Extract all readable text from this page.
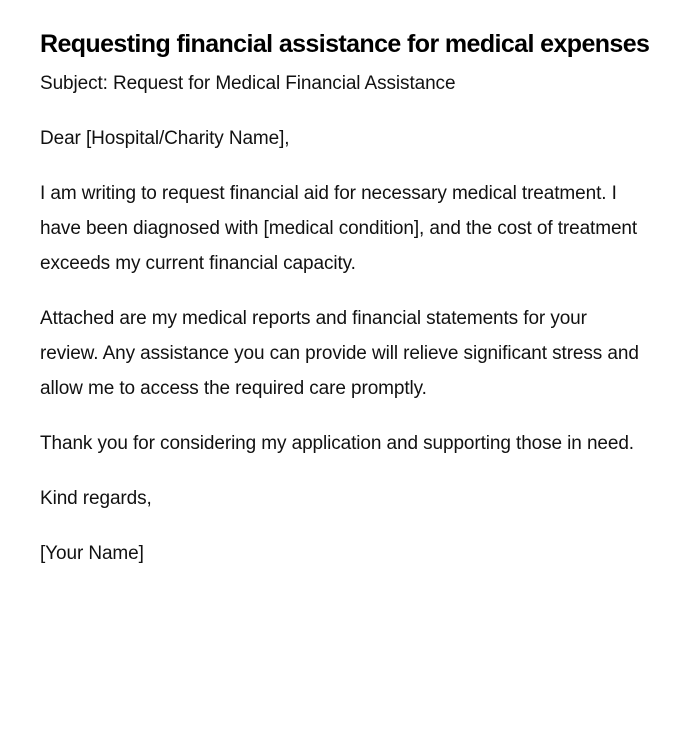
Requesting financial assistance for medical expenses

Subject: Request for Medical Financial Assistance

Dear [Hospital/Charity Name],

I am writing to request financial aid for necessary medical treatment. I have been diagnosed with [medical condition], and the cost of treatment exceeds my current financial capacity.

Attached are my medical reports and financial statements for your review. Any assistance you can provide will relieve significant stress and allow me to access the required care promptly.

Thank you for considering my application and supporting those in need.

Kind regards,

[Your Name]
